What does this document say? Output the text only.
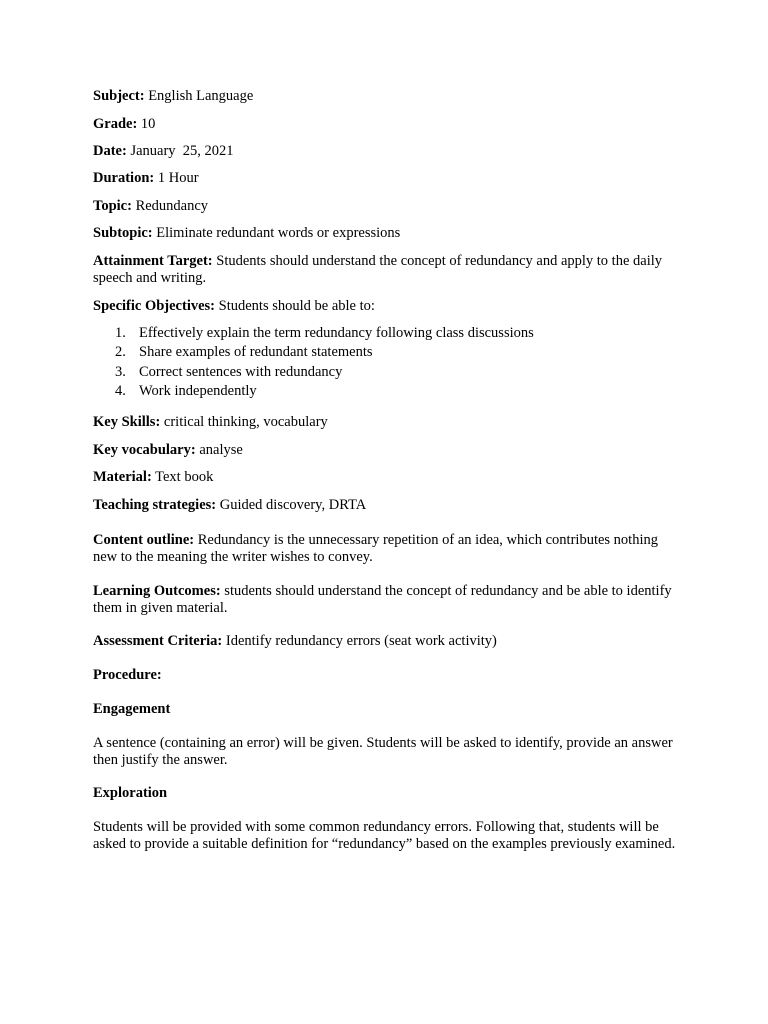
Subject: English Language

Grade: 10

Date: January  25, 2021

Duration: 1 Hour

Topic: Redundancy

Subtopic: Eliminate redundant words or expressions

Attainment Target: Students should understand the concept of redundancy and apply to the daily speech and writing.

Specific Objectives: Students should be able to:

1. Effectively explain the term redundancy following class discussions
2. Share examples of redundant statements
3. Correct sentences with redundancy
4. Work independently

Key Skills: critical thinking, vocabulary

Key vocabulary: analyse

Material: Text book

Teaching strategies: Guided discovery, DRTA

Content outline: Redundancy is the unnecessary repetition of an idea, which contributes nothing new to the meaning the writer wishes to convey.

Learning Outcomes: students should understand the concept of redundancy and be able to identify them in given material.

Assessment Criteria: Identify redundancy errors (seat work activity)

Procedure:

Engagement

A sentence (containing an error) will be given. Students will be asked to identify, provide an answer then justify the answer.

Exploration

Students will be provided with some common redundancy errors. Following that, students will be asked to provide a suitable definition for “redundancy” based on the examples previously examined.
